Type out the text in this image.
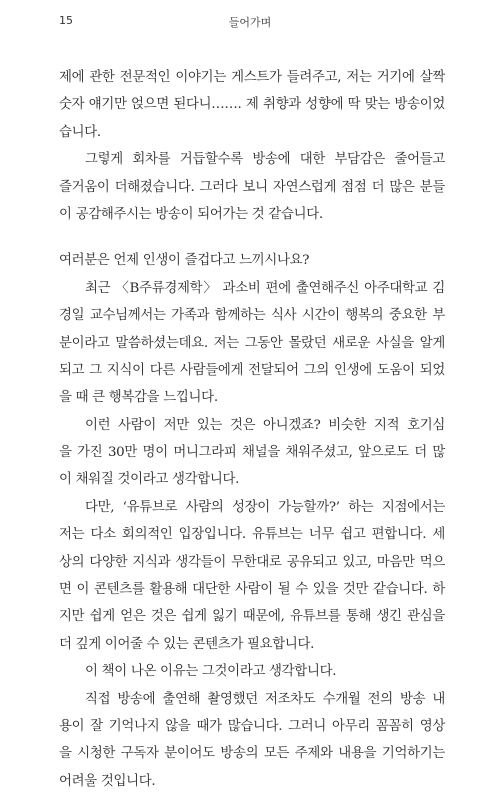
15	들어가며
제에 관한 전문적인 이야기는 게스트가 들려주고, 저는 거기에 살짝
숫자 얘기만 얹으면 된다니……. 제 취향과 성향에 딱 맞는 방송이었
습니다.
그렇게 회차를 거듭할수록 방송에 대한 부담감은 줄어들고
즐거움이 더해졌습니다. 그러다 보니 자연스럽게 점점 더 많은 분들
이 공감해주시는 방송이 되어가는 것 같습니다.
여러분은 언제 인생이 즐겁다고 느끼시나요?
최근 〈B주류경제학〉 과소비 편에 출연해주신 아주대학교 김
경일 교수님께서는 가족과 함께하는 식사 시간이 행복의 중요한 부
분이라고 말씀하셨는데요. 저는 그동안 몰랐던 새로운 사실을 알게
되고 그 지식이 다른 사람들에게 전달되어 그의 인생에 도움이 되었
을 때 큰 행복감을 느낍니다.
이런 사람이 저만 있는 것은 아니겠죠? 비슷한 지적 호기심
을 가진 30만 명이 머니그라피 채널을 채워주셨고, 앞으로도 더 많
이 채워질 것이라고 생각합니다.
다만, ‘유튜브로 사람의 성장이 가능할까?’ 하는 지점에서는
저는 다소 회의적인 입장입니다. 유튜브는 너무 쉽고 편합니다. 세
상의 다양한 지식과 생각들이 무한대로 공유되고 있고, 마음만 먹으
면 이 콘텐츠를 활용해 대단한 사람이 될 수 있을 것만 같습니다. 하
지만 쉽게 얻은 것은 쉽게 잃기 때문에, 유튜브를 통해 생긴 관심을
더 깊게 이어줄 수 있는 콘텐츠가 필요합니다.
이 책이 나온 이유는 그것이라고 생각합니다.
직접 방송에 출연해 촬영했던 저조차도 수개월 전의 방송 내
용이 잘 기억나지 않을 때가 많습니다. 그러니 아무리 꼼꼼히 영상
을 시청한 구독자 분이어도 방송의 모든 주제와 내용을 기억하기는
어려울 것입니다.
